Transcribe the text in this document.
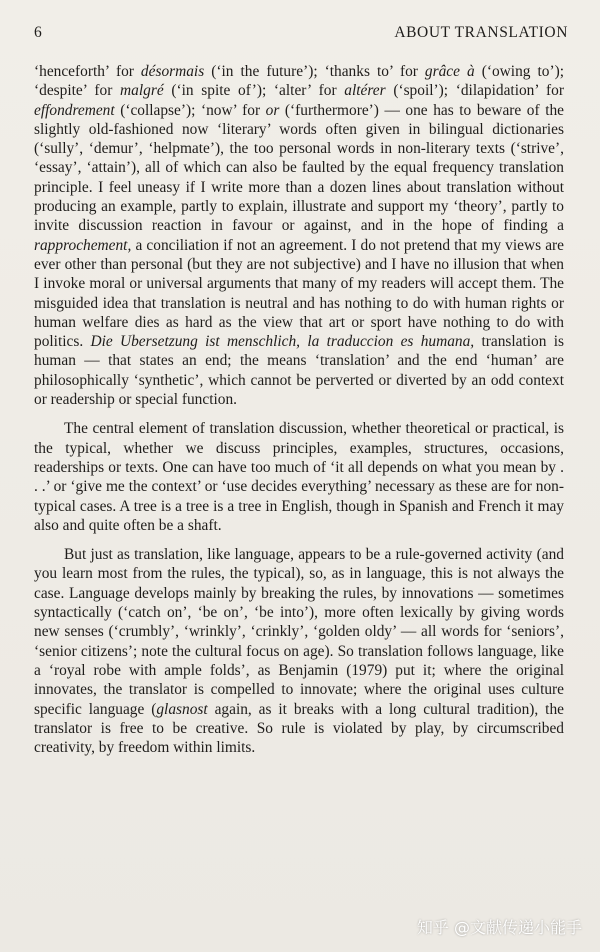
6	ABOUT TRANSLATION

‘henceforth’ for désormais (‘in the future’); ‘thanks to’ for grâce à (‘owing to’); ‘despite’ for malgré (‘in spite of’); ‘alter’ for altérer (‘spoil’); ‘dilapidation’ for effondrement (‘collapse’); ‘now’ for or (‘furthermore’) — one has to beware of the slightly old-fashioned now ‘literary’ words often given in bilingual dictionaries (‘sully’, ‘demur’, ‘helpmate’), the too personal words in non-literary texts (‘strive’, ‘essay’, ‘attain’), all of which can also be faulted by the equal frequency translation principle. I feel uneasy if I write more than a dozen lines about translation without producing an example, partly to explain, illustrate and support my ‘theory’, partly to invite discussion reaction in favour or against, and in the hope of finding a rapprochement, a conciliation if not an agreement. I do not pretend that my views are ever other than personal (but they are not subjective) and I have no illusion that when I invoke moral or universal arguments that many of my readers will accept them. The misguided idea that translation is neutral and has nothing to do with human rights or human welfare dies as hard as the view that art or sport have nothing to do with politics. Die Ubersetzung ist menschlich, la traduccion es humana, translation is human — that states an end; the means ‘translation’ and the end ‘human’ are philosophically ‘synthetic’, which cannot be perverted or diverted by an odd context or readership or special function.

The central element of translation discussion, whether theoretical or practical, is the typical, whether we discuss principles, examples, structures, occasions, readerships or texts. One can have too much of ‘it all depends on what you mean by . . .’ or ‘give me the context’ or ‘use decides everything’ necessary as these are for non-typical cases. A tree is a tree is a tree in English, though in Spanish and French it may also and quite often be a shaft.

But just as translation, like language, appears to be a rule-governed activity (and you learn most from the rules, the typical), so, as in language, this is not always the case. Language develops mainly by breaking the rules, by innovations — sometimes syntactically (‘catch on’, ‘be on’, ‘be into’), more often lexically by giving words new senses (‘crumbly’, ‘wrinkly’, ‘crinkly’, ‘golden oldy’ — all words for ‘seniors’, ‘senior citizens’; note the cultural focus on age). So translation follows language, like a ‘royal robe with ample folds’, as Benjamin (1979) put it; where the original innovates, the translator is compelled to innovate; where the original uses culture specific language (glasnost again, as it breaks with a long cultural tradition), the translator is free to be creative. So rule is violated by play, by circumscribed creativity, by freedom within limits.

知乎 @文献传递小能手
